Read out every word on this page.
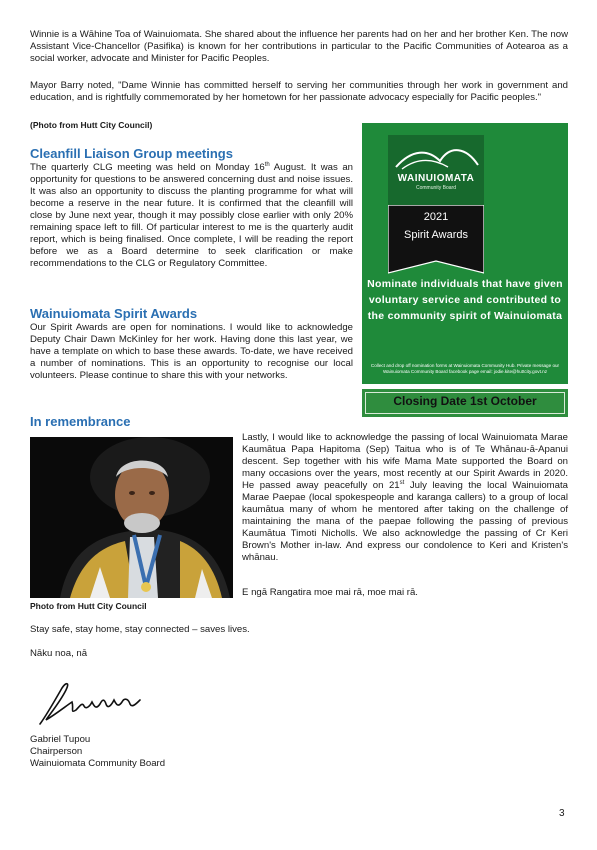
Winnie is a Wāhine Toa of Wainuiomata. She shared about the influence her parents had on her and her brother Ken. The now Assistant Vice-Chancellor (Pasifika) is known for her contributions in particular to the Pacific Communities of Aotearoa as a social worker, advocate and Minister for Pacific Peoples.

Mayor Barry noted, "Dame Winnie has committed herself to serving her communities through her work in government and education, and is rightfully commemorated by her hometown for her passionate advocacy especially for Pacific peoples."

(Photo from Hutt City Council)
Cleanfill Liaison Group meetings

The quarterly CLG meeting was held on Monday 16th August. It was an opportunity for questions to be answered concerning dust and noise issues. It was also an opportunity to discuss the planting programme for what will become a reserve in the near future. It is confirmed that the cleanfill will close by June next year, though it may possibly close earlier with only 20% remaining space left to fill. Of particular interest to me is the quarterly audit report, which is being finalised. Once complete, I will be reading the report before we as a Board determine to seek clarification or make recommendations to the CLG or Regulatory Committee.

Wainuiomata Spirit Awards

Our Spirit Awards are open for nominations. I would like to acknowledge Deputy Chair Dawn McKinley for her work. Having done this last year, we have a template on which to base these awards. To-date, we have received a number of nominations. This is an opportunity to recognise our local volunteers. Please continue to share this with your networks.

WAINUIOMATA
Community Board
2021
Spirit Awards
Nominate individuals that have given voluntary service and contributed to the community spirit of Wainuiomata
Collect and drop off nomination forms at Wainuiomata Community Hub. Private message our Wainuiomata Community Board facebook page email: jodie.kite@huttcity.govt.nz
Closing Date 1st October
In remembrance
Photo from Hutt City Council

Lastly, I would like to acknowledge the passing of local Wainuiomata Marae Kaumātua Papa Hapitoma (Sep) Taitua who is of Te Whānau-ā-Apanui descent. Sep together with his wife Mama Mate supported the Board on many occasions over the years, most recently at our Spirit Awards in 2020. He passed away peacefully on 21st July leaving the local Wainuiomata Marae Paepae (local spokespeople and karanga callers) to a group of local kaumātua many of whom he mentored after taking on the challenge of maintaining the mana of the paepae following the passing of previous Kaumātua Timoti Nicholls. We also acknowledge the passing of Cr Keri Brown's Mother in-law. And express our condolence to Keri and Kristen's whānau.

E ngā Rangatira moe mai rā, moe mai rā.

Stay safe, stay home, stay connected – saves lives.

Nāku noa, nā

Gabriel Tupou

Chairperson

Wainuiomata Community Board

3
